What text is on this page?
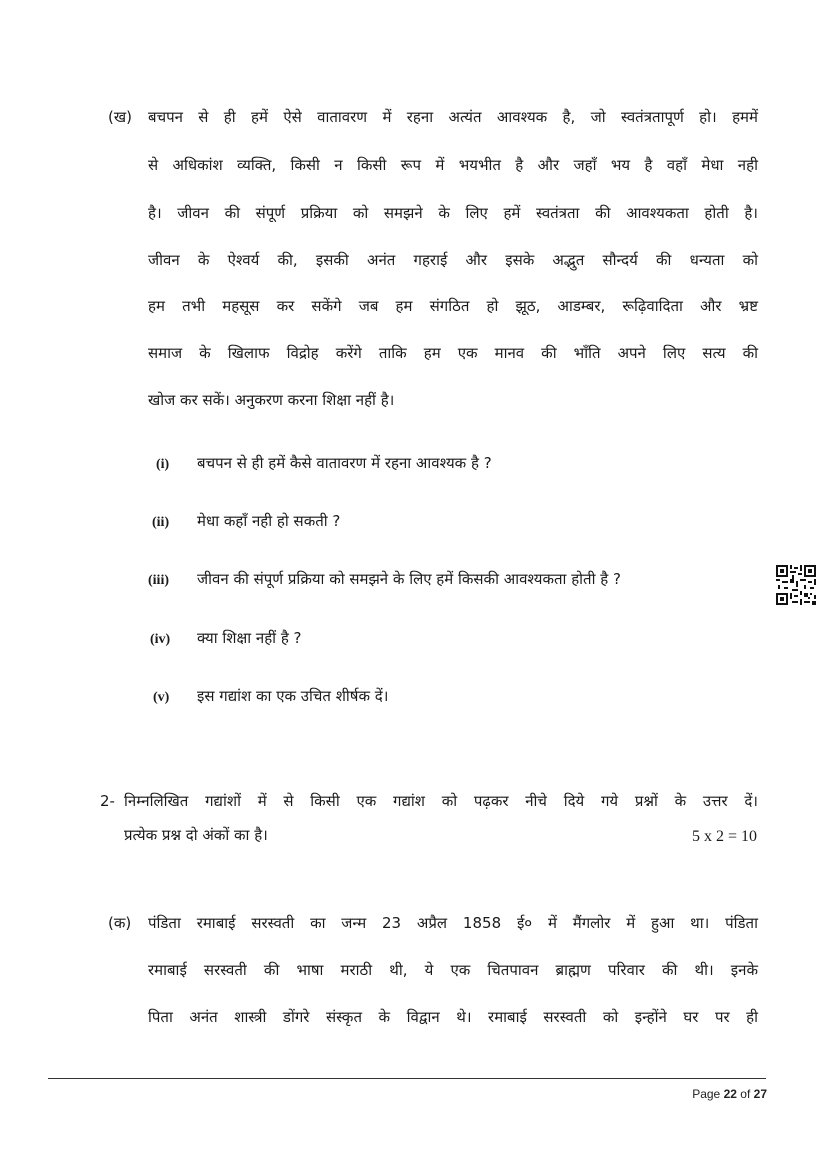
(ख) बचपन से ही हमें ऐसे वातावरण में रहना अत्यंत आवश्यक है, जो स्वतंत्रतापूर्ण हो। हममें
से अधिकांश व्यक्ति, किसी न किसी रूप में भयभीत है और जहाँ भय है वहाँ मेधा नही
है। जीवन की संपूर्ण प्रक्रिया को समझने के लिए हमें स्वतंत्रता की आवश्यकता होती है।
जीवन के ऐश्वर्य की, इसकी अनंत गहराई और इसके अद्भुत सौन्दर्य की धन्यता को
हम तभी महसूस कर सकेंगे जब हम संगठित हो झूठ, आडम्बर, रूढ़िवादिता और भ्रष्ट
समाज के खिलाफ विद्रोह करेंगे ताकि हम एक मानव की भाँति अपने लिए सत्य की
खोज कर सकें। अनुकरण करना शिक्षा नहीं है।
(i) बचपन से ही हमें कैसे वातावरण में रहना आवश्यक है ?
(ii) मेधा कहाँ नही हो सकती ?
(iii) जीवन की संपूर्ण प्रक्रिया को समझने के लिए हमें किसकी आवश्यकता होती है ?
(iv) क्या शिक्षा नहीं है ?
(v) इस गद्यांश का एक उचित शीर्षक दें।
2- निम्नलिखित गद्यांशों में से किसी एक गद्यांश को पढ़कर नीचे दिये गये प्रश्नों के उत्तर दें।
प्रत्येक प्रश्न दो अंकों का है।	5 x 2 = 10
(क) पंडिता रमाबाई सरस्वती का जन्म 23 अप्रैल 1858 ई० में मैंगलोर में हुआ था। पंडिता
रमाबाई सरस्वती की भाषा मराठी थी, ये एक चितपावन ब्राह्मण परिवार की थी। इनके
पिता अनंत शास्त्री डोंगरे संस्कृत के विद्वान थे। रमाबाई सरस्वती को इन्होंने घर पर ही
Page 22 of 27
